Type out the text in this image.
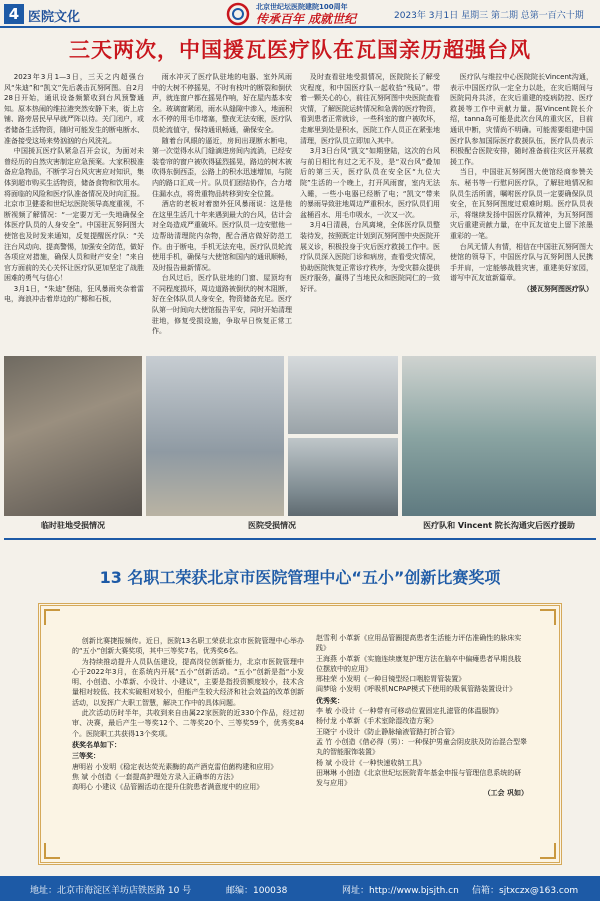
4 医院文化
北京世纪坛医院建院100周年
传承百年 成就世纪	2023年 3月1日 星期三 第二期 总第一百六十期
三天两次，中国援瓦医疗队在瓦国亲历超强台风

2023年3月1—3日，三天之内超强台风“朱迪”和“凯文”先后袭击瓦努阿图。自2月28日开始，通讯设备频繁收到台风预警通知。原本热闹的维拉港突然安静下来，街上店铺、路旁居民早早就严阵以待。关门闭户，或者储备生活物资，随时可能发生的断电断水、准备接受这场来势汹汹的台风洗礼。

中国援瓦医疗队紧急召开会议，为面对未曾经历的自然灾害制定应急预案。大家积极准备应急物品，不断学习台风灾害应对知识，集体到超市购买生活物资，储备食物和饮用水。将面临的风险和医疗队准备情况及时向汇报。北京市卫健委和世纪坛医院领导高度重视，不断视频了解情况：“一定要万无一失地确保全体医疗队员的人身安全”。中国驻瓦努阿图大使馆也及时发来通知，反复提醒医疗队：“关注台风动向、提高警惕，加强安全防范，做好各项应对措施，确保人员和财产安全！”来自官方面前的关心关怀让医疗队更加坚定了战胜困难的勇气与信心！

3月1日，“朱迪”登陆，狂风暴雨夹杂着雷电，海浪冲击着岸边的广椰和石板，

雨水冲灭了医疗队驻地的电器、室外风雨中的大树不停摇晃，不时有枝叶的断裂和倒伏声，就连窗户都在摇晃作响，好在屋内基本安全。玻璃窗紧闭，雨水从缝隙中渗入，地面积水不停的用毛巾堵塞，整夜无法安眠，医疗队员轮流值守，保持通讯畅通，确保安全。

随着台风眼的逼近，房间出现断水断电，第一次觉得水从门缝滴进房间内流淌，已经安装卷帘的窗户被吹得猛烈摇晃，路边的树木被吹得东倒西歪，公路上的积水迅速增加，与院内的路口汇成一片。队员们团结协作，合力堵住漏水点，将贵重物品转移到安全位置。

酒店的老板对着窗外狂风暴雨说：这是他在这里生活几十年来遇到最大的台风，估计会对全岛造成严重破坏。医疗队员一边安慰他一边帮助清理院内杂物，配合酒店做好防范工作。由于断电，手机无法充电，医疗队员轮流使用手机，确保与大使馆和国内的通讯顺畅，及时报告最新情况。

台风过后，医疗队驻地的门窗、屋顶均有不同程度损坏，周边道路被倒伏的树木阻断，好在全体队员人身安全，物资储备充足。医疗队第一时间向大使馆报告平安，同时开始清理驻地，修复受损设施，争取早日恢复正常工作。

及时查看驻地受损情况，医院院长了解受灾程度，和中国医疗队一起收拾“残局”。带着一颗关心的心，前往瓦努阿图中央医院查看灾情，了解医院运转情况和急需的医疗物资，看到患者正常就诊，一些科室的窗户被吹坏，走廊里到处是积水，医院工作人员正在紧张地清理，医疗队员立即加入其中。

3月3日台风“凯文”如期登陆，这次的台风与前日相比有过之无不及，是“双台风”叠加后的第三天，医疗队员在安全区“九位大院”生活的一个晚上，打开风雨窗，室内无法入睡，一些小电器已经断了电；“凯文”带来的暴雨导致驻地周边严重积水，医疗队员们用盆桶舀水、用毛巾吸水，一次又一次。

3月4日清晨，台风离境，全体医疗队员整装待发，按照既定计划到瓦努阿图中央医院开展义诊，积极投身于灾后医疗救援工作中。医疗队员深入医院门诊和病房，查看受灾情况，协助医院恢复正常诊疗秩序，为受灾群众提供医疗服务，赢得了当地民众和医院同仁的一致好评。

医疗队与维拉中心医院院长Vincent沟通，表示中国医疗队一定全力以赴，在灾后期间与医院同舟共济，在灾后重建的疫病防控、医疗救援等工作中贡献力量。据Vincent院长介绍，tanna岛可能是此次台风的重灾区，目前通讯中断，灾情尚不明确。可能需要组建中国医疗队参加国际医疗救援队伍，医疗队员表示积极配合医院安排，随时准备前往灾区开展救援工作。

当日，中国驻瓦努阿图大使馆经商参赞关东、秘书等一行慰问医疗队，了解驻地情况和队员生活所需，嘱咐医疗队员一定要确保队员安全，在瓦努阿图度过艰难时期。医疗队员表示，将继续发扬中国医疗队精神，为瓦努阿图灾后重建贡献力量，在中瓦友谊史上留下浓墨重彩的一笔。

台风无情人有情，相信在中国驻瓦努阿图大使馆的领导下，中国医疗队与瓦努阿图人民携手并肩，一定能够战胜灾害，重建美好家园，谱写中瓦友谊新篇章。

（援瓦努阿图医疗队）

临时驻地受损情况	医院受损情况	医疗队和 Vincent 院长沟通灾后医疗援助
13 名职工荣获北京市医院管理中心“五小”创新比赛奖项

创新比赛捷报频传。近日，医院13名职工荣获北京市医院管理中心举办的“五小”创新大赛奖项，其中三等奖7名，优秀奖6名。

为持续推动提升人员队伍建设，提高岗位创新能力，北京市医院管理中心于2022年3月，在系统内开展“五小”创新活动。“五小”创新是指“小发明、小创造、小革新、小设计、小建议”，主要是指投资额度较小，技术含量相对较低、技术实破相对较小，但能产生较大经济和社会效益的改革创新活动，以发挥广大职工智慧，解决工作中的具体问题。

此次活动历时半年，共收到来自由属22家医院的近330个作品，经过初审、决赛，最后产生一等奖12个、二等奖20个、三等奖59个，优秀奖84个。医院职工共获得13个奖项。

获奖名单如下：
三等奖：
唐明岩 小发明《稳定表达荧光素酶的高产酒克雷伯菌构建和应用》
焦 斌 小创造《一套提高护理处方录入正确率的方法》
高明心 小建议《品管圈活动在提升住院患者满意度中的应用》
赵雪利 小革新《应用品管圈提高患者生活能力评估准确性的脉床实践》
王海燕 小革新《实施连续康复护理方法在脑卒中偏瘫患者早期良肢位摆放中的应用》
邢桂荣 小发明《一种目镜型经口咽腔胃管装置》
阎梦晗 小发明《呼吸机NCPAP模式下使用的吸氧管路装置设计》
优秀奖：
李 敏 小设计《一种带有可移动位置固定扎滤管的体温服饰》
杨付龙 小革新《手术室除湿改造方案》
王晓宁 小设计《防止静脉输液管路打折合管》
孟 竹 小创造《借必得（男）：一种保护男童会阴皮肤及防治混合型睾丸的智能服饰装置》
杨 斌 小设计《一种快速收纳工具》
田琳琳 小创造《北京世纪坛医院青年基金申报与管理信息系统的研发与应用》
（工会 巩如）
地址：北京市海淀区羊坊店铁医路 10 号	邮编：100038	网址：http://www.bjsjth.cn 信箱：sjtxczx@163.com
